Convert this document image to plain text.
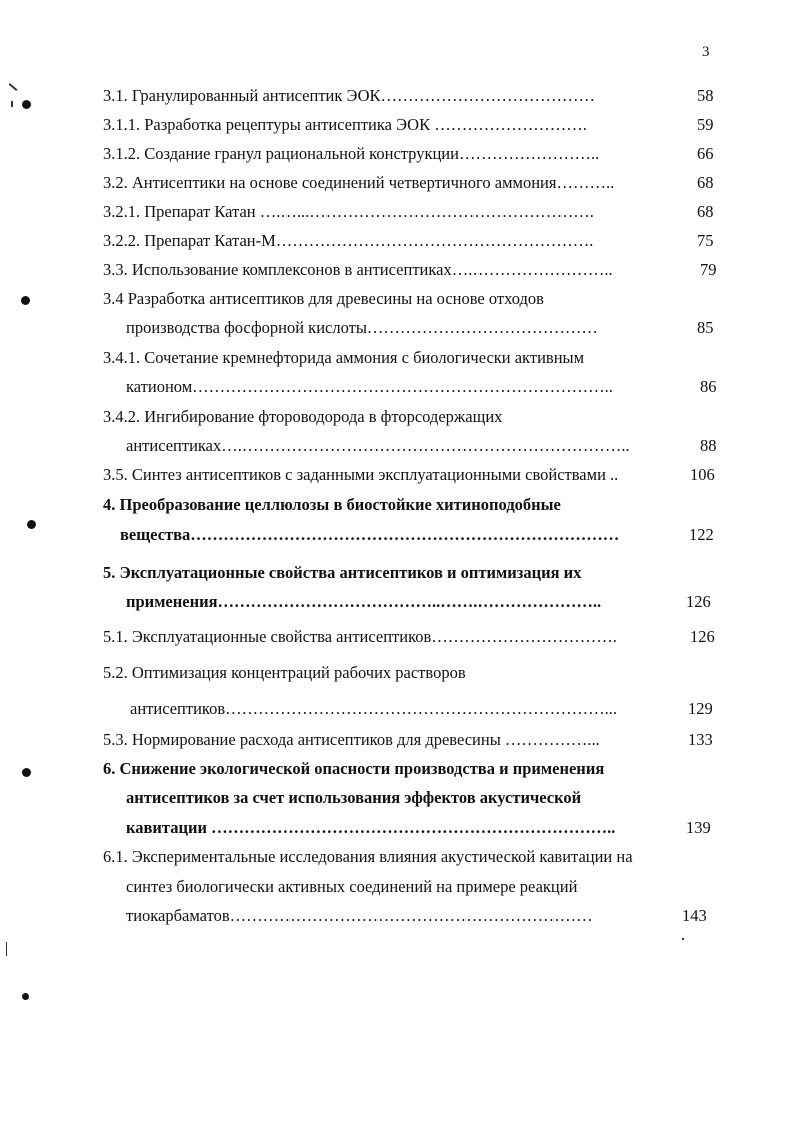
3
3.1. Гранулированный антисептик ЭОК…………………………………	58
3.1.1. Разработка рецептуры антисептика ЭОК ……………………….	59
3.1.2. Создание гранул рациональной конструкции……………………..	66
3.2. Антисептики на основе соединений четвертичного аммония………..	68
3.2.1. Препарат Катан ….…...…………………………………………….	68
3.2.2. Препарат Катан-М………………………………………………….	75
3.3. Использование комплексонов в антисептиках….……………………..	79
3.4 Разработка антисептиков для древесины на основе отходов
производства фосфорной кислоты……………………………………	85
3.4.1. Сочетание кремнефторида аммония с биологически активным
катионом…………………………………………………………………..	86
3.4.2. Ингибирование фтороводорода в фторсодержащих
антисептиках….……………………………………………………………..	88
3.5. Синтез антисептиков с заданными эксплуатационными свойствами ..	106
4. Преобразование целлюлозы в биостойкие хитиноподобные
вещества……………………………………………………………………	122
5. Эксплуатационные свойства антисептиков и оптимизация их
применения…………………………………..…….…………………..	126
5.1. Эксплуатационные свойства антисептиков…………………………….	126
5.2. Оптимизация концентраций рабочих растворов
антисептиков……………………………………………………………...	129
5.3. Нормирование расхода антисептиков для древесины ……………...	133
6. Снижение экологической опасности производства и применения
антисептиков за счет использования эффектов акустической
кавитации ………………………………………………………………..	139
6.1. Экспериментальные исследования влияния акустической кавитации на
синтез биологически активных соединений на примере реакций
тиокарбаматов…………………………………………………………	143
